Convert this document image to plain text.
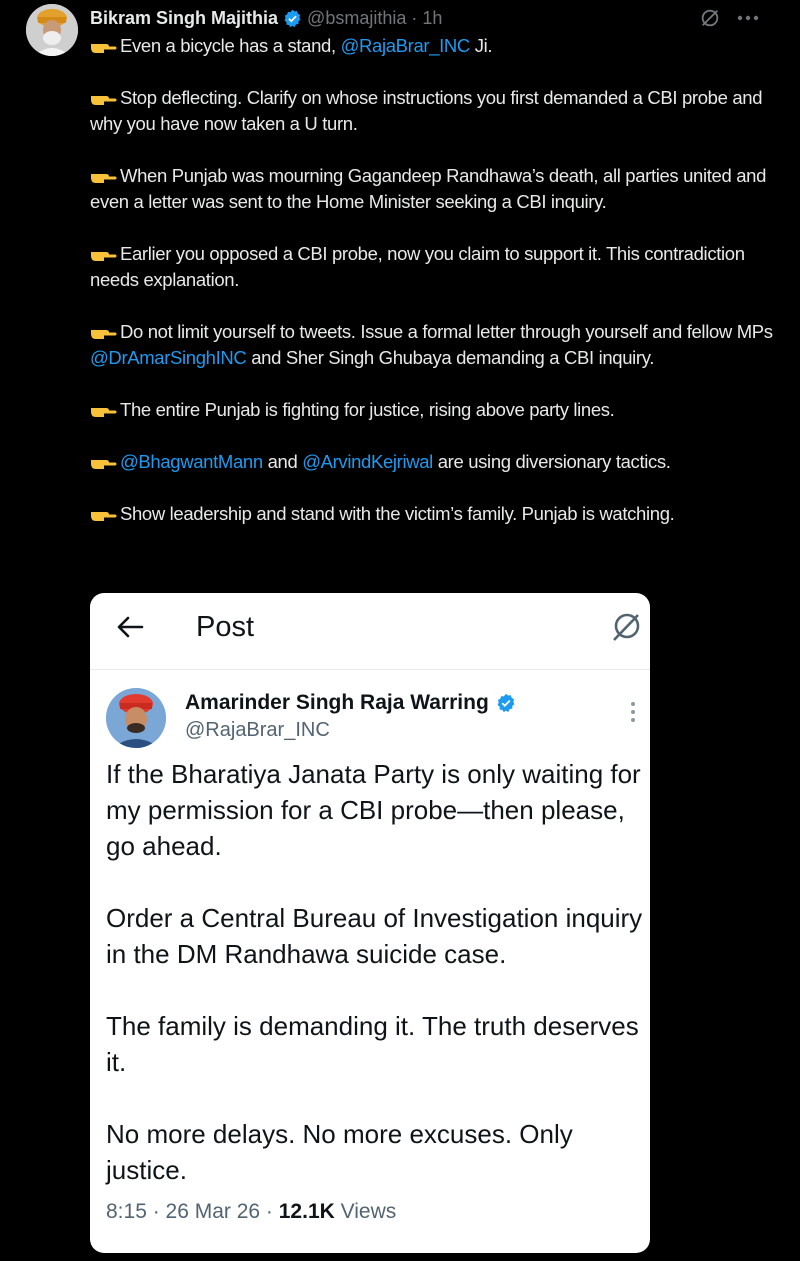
Bikram Singh Majithia @bsmajithia · 1h

Even a bicycle has a stand, @RajaBrar_INC Ji.

Stop deflecting. Clarify on whose instructions you first demanded a CBI probe and why you have now taken a U turn.

When Punjab was mourning Gagandeep Randhawa’s death, all parties united and even a letter was sent to the Home Minister seeking a CBI inquiry.

Earlier you opposed a CBI probe, now you claim to support it. This contradiction needs explanation.

Do not limit yourself to tweets. Issue a formal letter through yourself and fellow MPs @DrAmarSinghINC and Sher Singh Ghubaya demanding a CBI inquiry.

The entire Punjab is fighting for justice, rising above party lines.

@BhagwantMann and @ArvindKejriwal are using diversionary tactics.

Show leadership and stand with the victim’s family. Punjab is watching.

Post
Amarinder Singh Raja Warring
@RajaBrar_INC

If the Bharatiya Janata Party is only waiting for my permission for a CBI probe—then please, go ahead.

Order a Central Bureau of Investigation inquiry in the DM Randhawa suicide case.

The family is demanding it. The truth deserves it.

No more delays. No more excuses. Only justice.

8:15 · 26 Mar 26 · 12.1K Views
